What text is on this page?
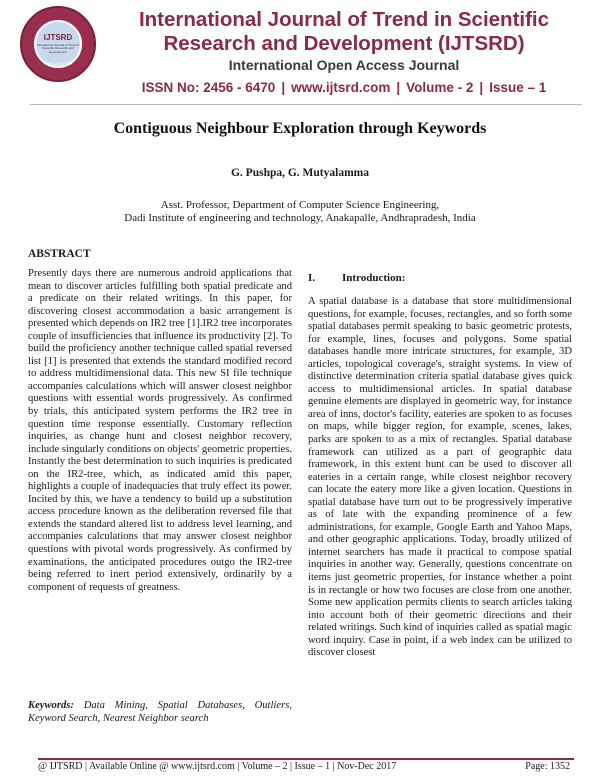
IJTSRD
International Journal of Trend in Scientific Research and Development
ISSN: 2456-6470
International Journal of Trend in Scientific
Research and Development (IJTSRD)
International Open Access Journal
ISSN No: 2456 - 6470 | www.ijtsrd.com | Volume - 2 | Issue – 1
Contiguous Neighbour Exploration through Keywords
G. Pushpa, G. Mutyalamma
Asst. Professor, Department of Computer Science Engineering,
Dadi Institute of engineering and technology, Anakapalle, Andhrapradesh, India
ABSTRACT
Presently days there are numerous android applications that mean to discover articles fulfilling both spatial predicate and a predicate on their related writings. In this paper, for discovering closest accommodation a basic arrangement is presented which depends on IR2 tree [1].IR2 tree incorporates couple of insufficiencies that influence its productivity [2]. To build the proficiency another technique called spatial reversed list [1] is presented that extends the standard modified record to address multidimensional data. This new SI file technique accompanies calculations which will answer closest neighbor questions with essential words progressively. As confirmed by trials, this anticipated system performs the IR2 tree in question time response essentially. Customary reflection inquiries, as change hunt and closest neighbor recovery, include singularly conditions on objects' geometric properties. Instantly the best determination to such inquiries is predicated on the IR2-tree, which, as indicated amid this paper, highlights a couple of inadequacies that truly effect its power. Incited by this, we have a tendency to build up a substitution access procedure known as the deliberation reversed file that extends the standard altered list to address level learning, and accompanies calculations that may answer closest neighbor questions with pivotal words progressively. As confirmed by examinations, the anticipated procedures outgo the IR2-tree being referred to inert period extensively, ordinarily by a component of requests of greatness.
Keywords: Data Mining, Spatial Databases, Outliers, Keyword Search, Nearest Neighbor search
I. Introduction:
A spatial database is a database that store multidimensional questions, for example, focuses, rectangles, and so forth some spatial databases permit speaking to basic geometric protests, for example, lines, focuses and polygons. Some spatial databases handle more intricate structures, for example, 3D articles, topological coverage's, straight systems. In view of distinctive determination criteria spatial database gives quick access to multidimensional articles. In spatial database genuine elements are displayed in geometric way, for instance area of inns, doctor's facility, eateries are spoken to as focuses on maps, while bigger region, for example, scenes, lakes, parks are spoken to as a mix of rectangles. Spatial database framework can utilized as a part of geographic data framework, in this extent hunt can be used to discover all eateries in a certain range, while closest neighbor recovery can locate the eatery more like a given location. Questions in spatial database have turn out to be progressively imperative as of late with the expanding prominence of a few administrations, for example, Google Earth and Yahoo Maps, and other geographic applications. Today, broadly utilized of internet searchers has made it practical to compose spatial inquiries in another way. Generally, questions concentrate on items just geometric properties, for instance whether a point is in rectangle or how two focuses are close from one another. Some new application permits clients to search articles taking into account both of their geometric directions and their related writings. Such kind of inquiries called as spatial magic word inquiry. Case in point, if a web index can be utilized to discover closest
@ IJTSRD | Available Online @ www.ijtsrd.com | Volume – 2 | Issue – 1 | Nov-Dec 2017	Page: 1352
